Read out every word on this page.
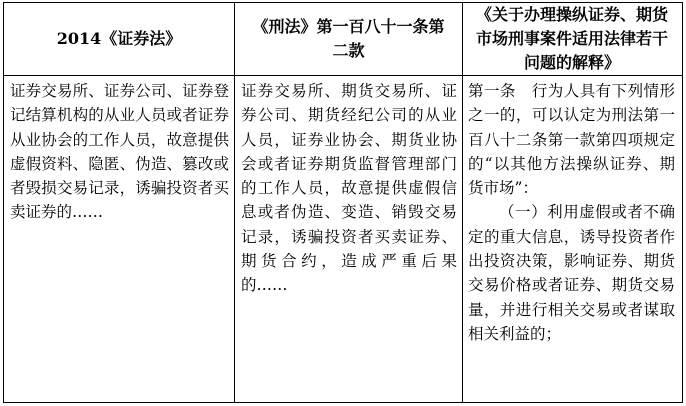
2014《证券法》
《刑法》第一百八十一条第二款
《关于办理操纵证券、期货市场刑事案件适用法律若干问题的解释》

证券交易所、证券公司、证券登记结算机构的从业人员或者证券从业协会的工作人员，故意提供虚假资料、隐匿、伪造、篡改或者毁损交易记录，诱骗投资者买卖证券的……

证券交易所、期货交易所、证券公司、期货经纪公司的从业人员，证券业协会、期货业协会或者证券期货监督管理部门的工作人员，故意提供虚假信息或者伪造、变造、销毁交易记录，诱骗投资者买卖证券、期货合约，造成严重后果的……

第一条　行为人具有下列情形之一的，可以认定为刑法第一百八十二条第一款第四项规定的“以其他方法操纵证券、期货市场”：

（一）利用虚假或者不确定的重大信息，诱导投资者作出投资决策，影响证券、期货交易价格或者证券、期货交易量，并进行相关交易或者谋取相关利益的；
